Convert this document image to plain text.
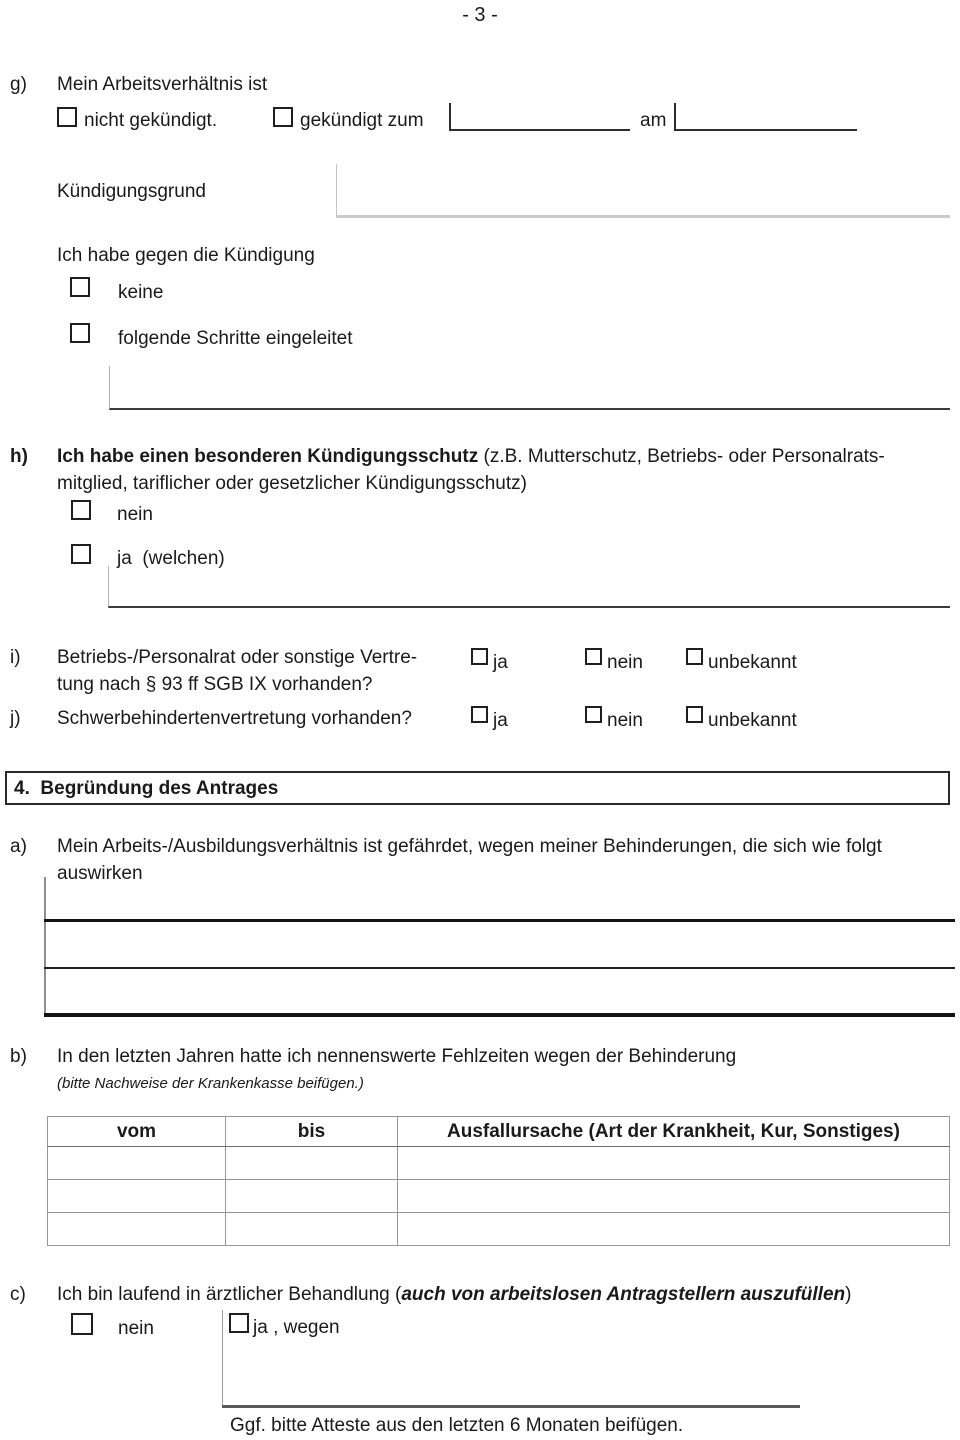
- 3 -
g) Mein Arbeitsverhältnis ist
nicht gekündigt.	gekündigt zum	am
Kündigungsgrund
Ich habe gegen die Kündigung
keine
folgende Schritte eingeleitet
h) Ich habe einen besonderen Kündigungsschutz (z.B. Mutterschutz, Betriebs- oder Personalrats-
mitglied, tariflicher oder gesetzlicher Kündigungsschutz)
nein
ja  (welchen)
i) Betriebs-/Personalrat oder sonstige Vertre-
tung nach § 93 ff SGB IX vorhanden?
ja	nein	unbekannt
j) Schwerbehindertenvertretung vorhanden?	ja	nein	unbekannt
4.  Begründung des Antrages
a) Mein Arbeits-/Ausbildungsverhältnis ist gefährdet, wegen meiner Behinderungen, die sich wie folgt
auswirken
b) In den letzten Jahren hatte ich nennenswerte Fehlzeiten wegen der Behinderung
(bitte Nachweise der Krankenkasse beifügen.)
vom	bis	Ausfallursache (Art der Krankheit, Kur, Sonstiges)

c) Ich bin laufend in ärztlicher Behandlung (auch von arbeitslosen Antragstellern auszufüllen)
nein	ja , wegen
Ggf. bitte Atteste aus den letzten 6 Monaten beifügen.
